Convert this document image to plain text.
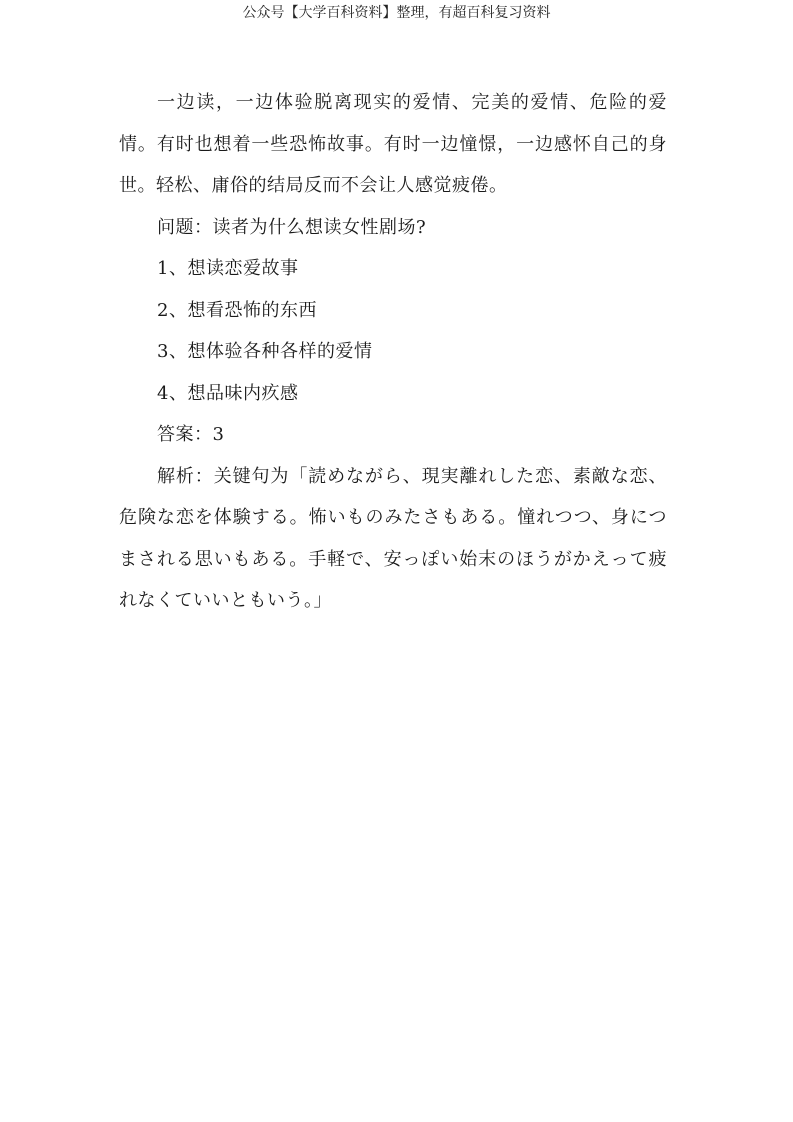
公众号【大学百科资料】整理，有超百科复习资料

一边读，一边体验脱离现实的爱情、完美的爱情、危险的爱情。有时也想着一些恐怖故事。有时一边憧憬，一边感怀自己的身世。轻松、庸俗的结局反而不会让人感觉疲倦。

问题：读者为什么想读女性剧场?

1、想读恋爱故事

2、想看恐怖的东西

3、想体验各种各样的爱情

4、想品味内疚感

答案：3

解析：关键句为「読めながら、現実離れした恋、素敵な恋、危険な恋を体験する。怖いものみたさもある。憧れつつ、身につまされる思いもある。手軽で、安っぽい始末のほうがかえって疲れなくていいともいう。」
